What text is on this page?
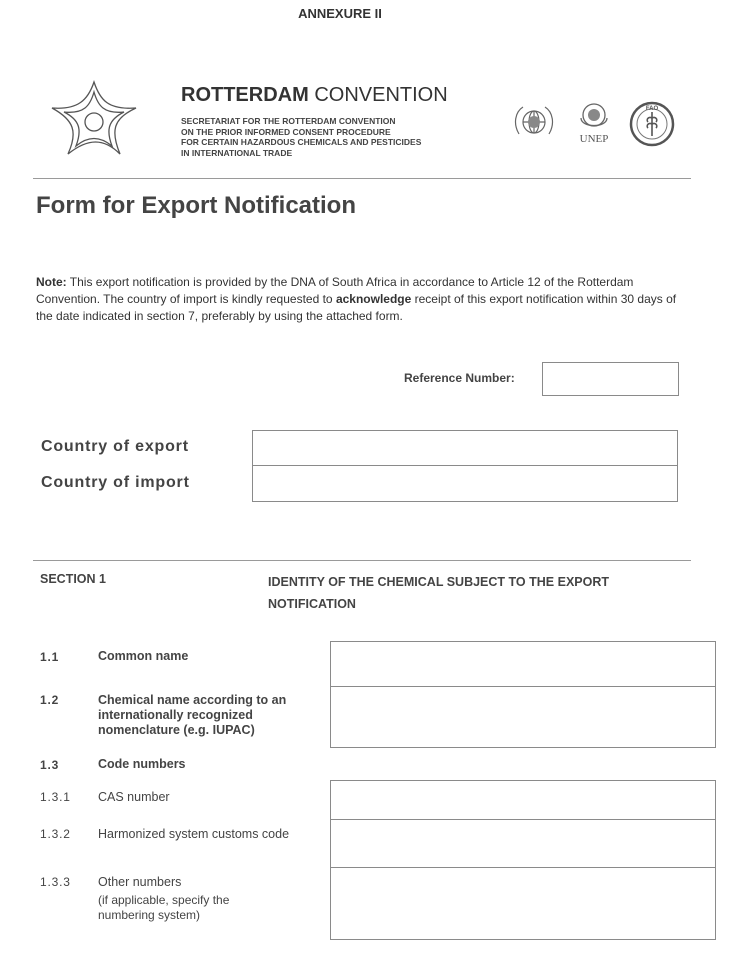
ANNEXURE II
ROTTERDAM CONVENTION
SECRETARIAT FOR THE ROTTERDAM CONVENTION
ON THE PRIOR INFORMED CONSENT PROCEDURE
FOR CERTAIN HAZARDOUS CHEMICALS AND PESTICIDES
IN INTERNATIONAL TRADE
UNEP
FAO
Form for Export Notification
Note: This export notification is provided by the DNA of South Africa in accordance to Article 12 of the Rotterdam Convention. The country of import is kindly requested to acknowledge receipt of this export notification within 30 days of the date indicated in section 7, preferably by using the attached form.
Reference Number:
Country of export
Country of import
SECTION 1	IDENTITY OF THE CHEMICAL SUBJECT TO THE EXPORT NOTIFICATION
1.1	Common name
1.2	Chemical name according to an internationally recognized nomenclature (e.g. IUPAC)
1.3	Code numbers
1.3.1 CAS number
1.3.2 Harmonized system customs code
1.3.3 Other numbers
(if applicable, specify the numbering system)
